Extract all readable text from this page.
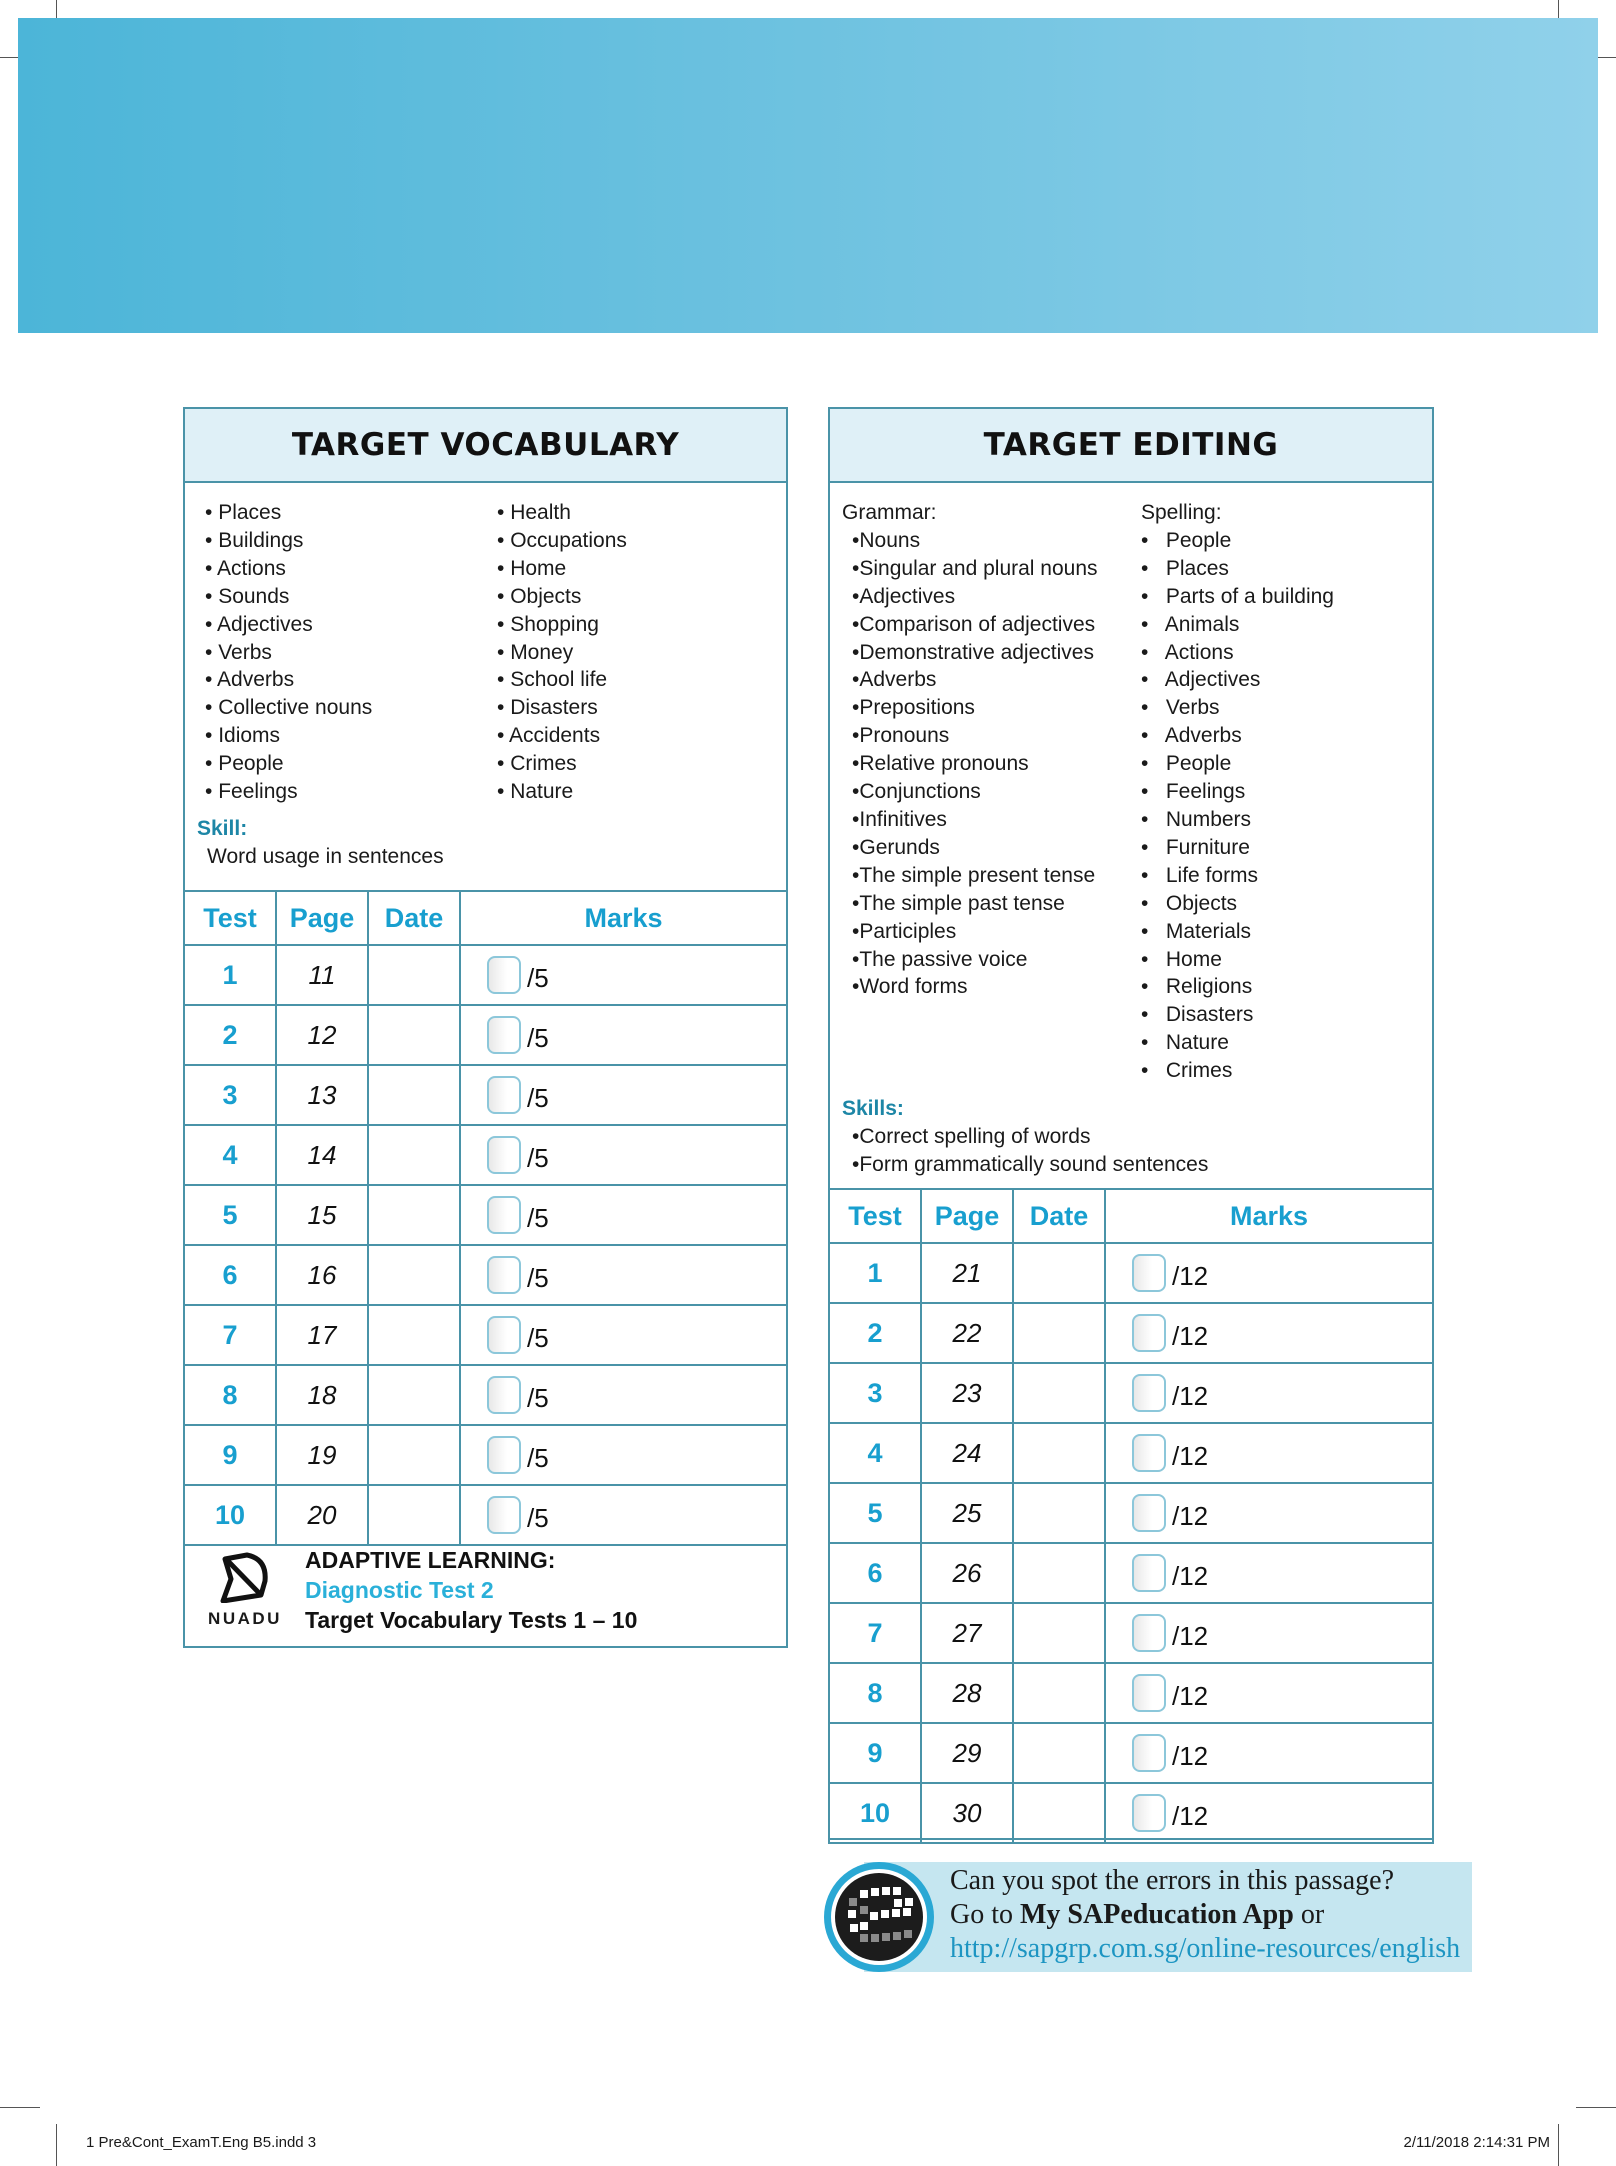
TARGET VOCABULARY
• Places
• Buildings
• Actions
• Sounds
• Adjectives
• Verbs
• Adverbs
• Collective nouns
• Idioms
• People
• Feelings
• Health
• Occupations
• Home
• Objects
• Shopping
• Money
• School life
• Disasters
• Accidents
• Crimes
• Nature
Skill:
Word usage in sentences
Test	Page	Date	Marks
1	11		/5

2	12		/5

3	13		/5

4	14		/5

5	15		/5

6	16		/5

7	17		/5

8	18		/5

9	19		/5

10	20		/5
NUADU
ADAPTIVE LEARNING:
Diagnostic Test 2
Target Vocabulary Tests 1 – 10
TARGET EDITING
Grammar:
•Nouns
•Singular and plural nouns
•Adjectives
•Comparison of adjectives
•Demonstrative adjectives
•Adverbs
•Prepositions
•Pronouns
•Relative pronouns
•Conjunctions
•Infinitives
•Gerunds
•The simple present tense
•The simple past tense
•Participles
•The passive voice
•Word forms
Spelling:
•   People
•   Places
•   Parts of a building
•   Animals
•   Actions
•   Adjectives
•   Verbs
•   Adverbs
•   People
•   Feelings
•   Numbers
•   Furniture
•   Life forms
•   Objects
•   Materials
•   Home
•   Religions
•   Disasters
•   Nature
•   Crimes
Skills:
•Correct spelling of words
•Form grammatically sound sentences
Test	Page	Date	Marks
1	21		/12

2	22		/12

3	23		/12

4	24		/12

5	25		/12

6	26		/12

7	27		/12

8	28		/12

9	29		/12

10	30		/12
Can you spot the errors in this passage?
Go to My SAPeducation App or
http://sapgrp.com.sg/online-resources/english
1 Pre&Cont_ExamT.Eng B5.indd 3	2/11/2018 2:14:31 PM
